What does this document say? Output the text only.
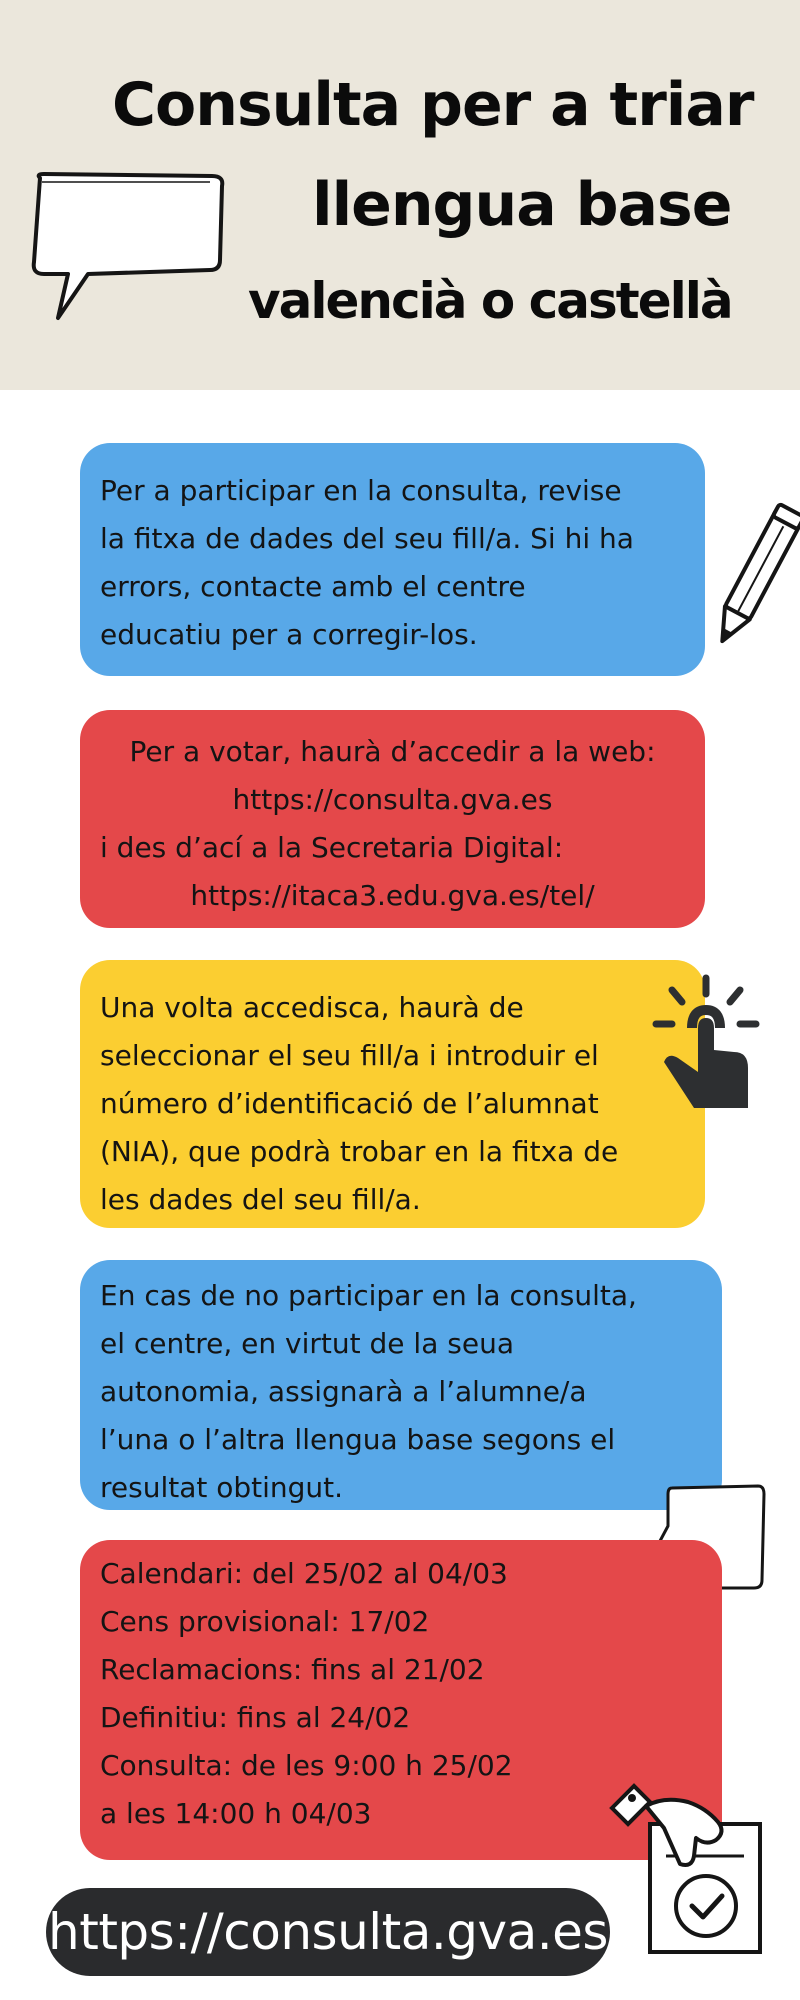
Consulta per a triar
llengua base
valencià o castellà

Per a participar en la consulta, revise

la fitxa de dades del seu fill/a. Si hi ha

errors, contacte amb el centre

educatiu per a corregir-los.

Per a votar, haurà d’accedir a la web:

https://consulta.gva.es

i des d’ací a la Secretaria Digital:

https://itaca3.edu.gva.es/tel/

Una volta accedisca, haurà de

seleccionar el seu fill/a i introduir el

número d’identificació de l’alumnat

(NIA), que podrà trobar en la fitxa de

les dades del seu fill/a.

En cas de no participar en la consulta,

el centre, en virtut de la seua

autonomia, assignarà a l’alumne/a

l’una o l’altra llengua base segons el

resultat obtingut.

Calendari: del 25/02 al 04/03

Cens provisional: 17/02

Reclamacions: fins al 21/02

Definitiu: fins al 24/02

Consulta: de les 9:00 h 25/02

a les 14:00 h 04/03

https://consulta.gva.es
